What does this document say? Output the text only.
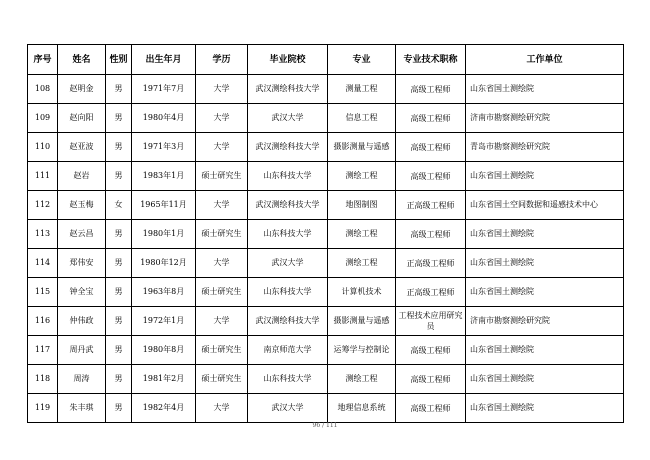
序号	姓名	性别	出生年月	学历	毕业院校	专业	专业技术职称	工作单位
108	赵明金	男	1971年7月	大学	武汉测绘科技大学	测量工程	高级工程师	山东省国土测绘院
109	赵向阳	男	1980年4月	大学	武汉大学	信息工程	高级工程师	济南市勘察测绘研究院
110	赵亚波	男	1971年3月	大学	武汉测绘科技大学	摄影测量与遥感	高级工程师	青岛市勘察测绘研究院
111	赵岩	男	1983年1月	硕士研究生	山东科技大学	测绘工程	高级工程师	山东省国土测绘院
112	赵玉梅	女	1965年11月	大学	武汉测绘科技大学	地图制图	正高级工程师	山东省国土空间数据和遥感技术中心
113	赵云昌	男	1980年1月	硕士研究生	山东科技大学	测绘工程	高级工程师	山东省国土测绘院
114	郑伟安	男	1980年12月	大学	武汉大学	测绘工程	正高级工程师	山东省国土测绘院
115	钟全宝	男	1963年8月	硕士研究生	山东科技大学	计算机技术	正高级工程师	山东省国土测绘院
116	仲伟政	男	1972年1月	大学	武汉测绘科技大学	摄影测量与遥感	工程技术应用研究员	济南市勘察测绘研究院
117	周丹武	男	1980年8月	硕士研究生	南京师范大学	运筹学与控制论	高级工程师	山东省国土测绘院
118	周涛	男	1981年2月	硕士研究生	山东科技大学	测绘工程	高级工程师	山东省国土测绘院
119	朱丰琪	男	1982年4月	大学	武汉大学	地理信息系统	高级工程师	山东省国土测绘院
96 / 111
